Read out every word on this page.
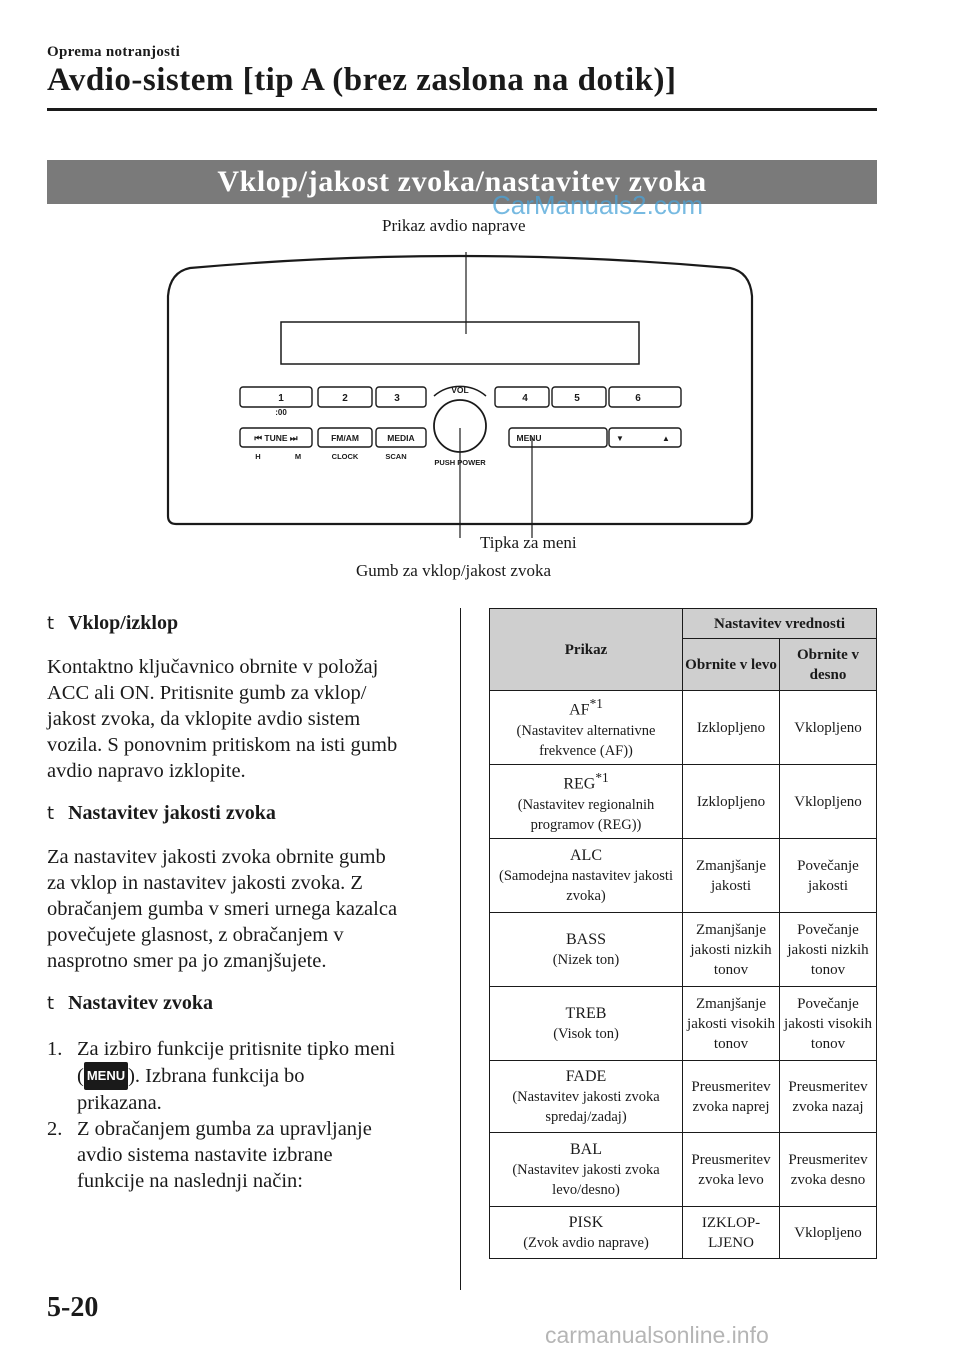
Oprema notranjosti
Avdio-sistem [tip A (brez zaslona na dotik)]
Vklop/jakost zvoka/nastavitev zvoka
CarManuals2.com
Prikaz avdio naprave
Tipka za meni
Gumb za vklop/jakost zvoka
VOL
1
:00
2	3	4	5	6
⏮ TUNE ⏭	FM/AM	MEDIA	MENU	▼	▲
H	M	CLOCK	SCAN
PUSH POWER
t Vklop/izklop
Kontaktno ključavnico obrnite v položaj
ACC ali ON. Pritisnite gumb za vklop/
jakost zvoka, da vklopite avdio sistem
vozila. S ponovnim pritiskom na isti gumb
avdio napravo izklopite.
t Nastavitev jakosti zvoka
Za nastavitev jakosti zvoka obrnite gumb
za vklop in nastavitev jakosti zvoka. Z
obračanjem gumba v smeri urnega kazalca
povečujete glasnost, z obračanjem v
nasprotno smer pa jo zmanjšujete.
t Nastavitev zvoka
1. Za izbiro funkcije pritisnite tipko meni
( MENU ). Izbrana funkcija bo
prikazana.
2. Z obračanjem gumba za upravljanje
avdio sistema nastavite izbrane
funkcije na naslednji način:
Prikaz	Nastavitev vrednosti	
	Obrnite v levo	Obrnite v desno

AF$^{*1}$
(Nastavitev alternativne frekvence (AF))	Izklopljeno	Vklopljeno

REG$^{*1}$
(Nastavitev regionalnih programov (REG))	Izklopljeno	Vklopljeno

ALC
(Samodejna nastavitev jakosti zvoka)	Zmanjšanje jakosti	Povečanje jakosti

BASS
(Nizek ton)	Zmanjšanje jakosti nizkih tonov	Povečanje jakosti nizkih tonov

TREB
(Visok ton)	Zmanjšanje jakosti visokih tonov	Povečanje jakosti visokih tonov

FADE
(Nastavitev jakosti zvoka spredaj/zadaj)	Preusmeritev zvoka naprej	Preusmeritev zvoka nazaj

BAL
(Nastavitev jakosti zvoka levo/desno)	Preusmeritev zvoka levo	Preusmeritev zvoka desno

PISK
(Zvok avdio naprave)	IZKLOP-LJENO	Vklopljeno
5-20
carmanualsonline.info
